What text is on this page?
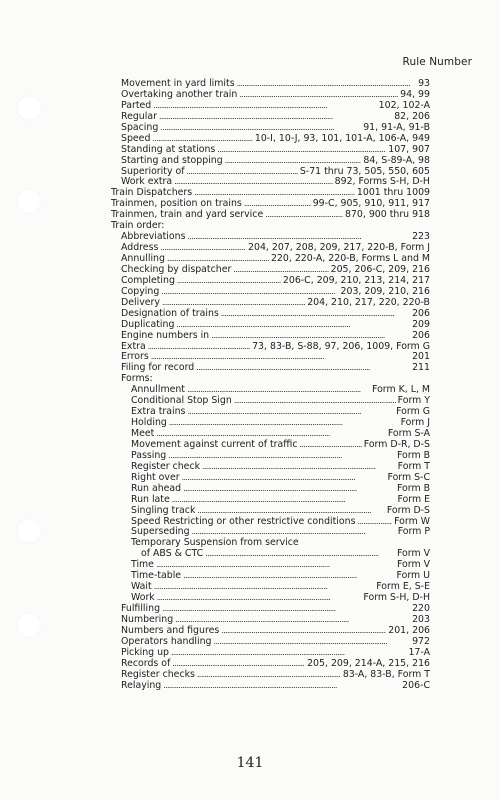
Rule Number
Movement in yard limits . . .	93
Overtaking another train . . .	94, 99
Parted . . .	102, 102-A
Regular . . .	82, 206
Spacing . . .	91, 91-A, 91-B
Speed . . .	10-I, 10-J, 93, 101, 101-A, 106-A, 949
Standing at stations . . .	107, 907
Starting and stopping . . .	84, S-89-A, 98
Superiority of . . .	S-71 thru 73, 505, 550, 605
Work extra . . .	892, Forms S-H, D-H
Train Dispatchers . . .	1001 thru 1009
Trainmen, position on trains . . .	99-C, 905, 910, 911, 917
Trainmen, train and yard service . . .	870, 900 thru 918
Train order:
Abbreviations . . .	223
Address . . .	204, 207, 208, 209, 217, 220-B, Form J
Annulling . . .	220, 220-A, 220-B, Forms L and M
Checking by dispatcher . . .	205, 206-C, 209, 216
Completing . . .	206-C, 209, 210, 213, 214, 217
Copying . . .	203, 209, 210, 216
Delivery . . .	204, 210, 217, 220, 220-B
Designation of trains . . .	206
Duplicating . . .	209
Engine numbers in . . .	206
Extra . . .	73, 83-B, S-88, 97, 206, 1009, Form G
Errors . . .	201
Filing for record . . .	211
Forms:
Annullment . . .	Form K, L, M
Conditional Stop Sign . . .	Form Y
Extra trains . . .	Form G
Holding . . .	Form J
Meet . . .	Form S-A
Movement against current of traffic . . .	Form D-R, D-S
Passing . . .	Form B
Register check . . .	Form T
Right over . . .	Form S-C
Run ahead . . .	Form B
Run late . . .	Form E
Singling track . . .	Form D-S
Speed Restricting or other restrictive conditions . . .	Form W
Superseding . . .	Form P
Temporary Suspension from service
of ABS & CTC . . .	Form V
Time . . .	Form V
Time-table . . .	Form U
Wait . . .	Form E, S-E
Work . . .	Form S-H, D-H
Fulfilling . . .	220
Numbering . . .	203
Numbers and figures . . .	201, 206
Operators handling . . .	972
Picking up . . .	17-A
Records of . . .	205, 209, 214-A, 215, 216
Register checks . . .	83-A, 83-B, Form T
Relaying . . .	206-C
141
